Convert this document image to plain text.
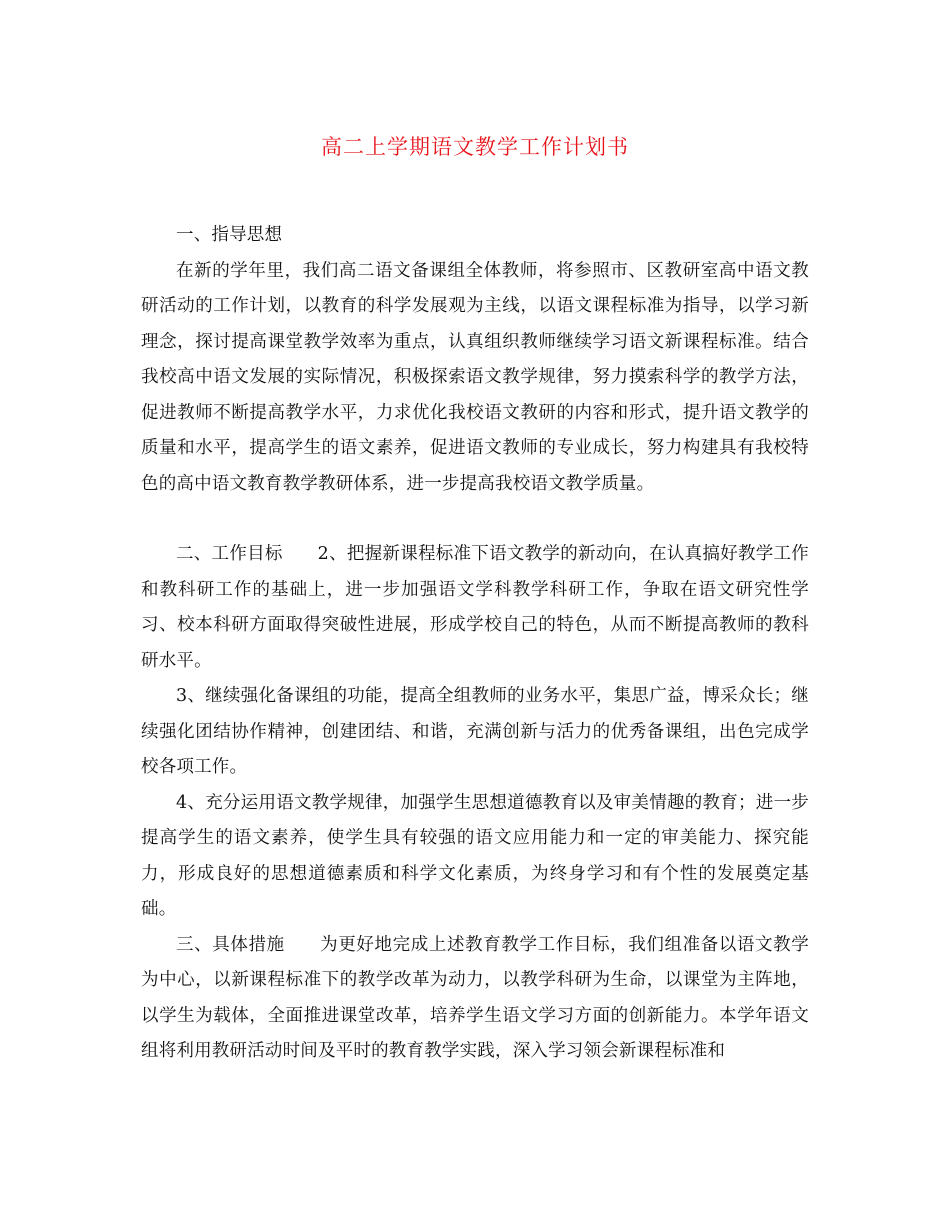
高二上学期语文教学工作计划书

一、指导思想

在新的学年里，我们高二语文备课组全体教师，将参照市、区教研室高中语文教研活动的工作计划，以教育的科学发展观为主线，以语文课程标准为指导，以学习新理念，探讨提高课堂教学效率为重点，认真组织教师继续学习语文新课程标准。结合我校高中语文发展的实际情况，积极探索语文教学规律，努力摸索科学的教学方法，促进教师不断提高教学水平，力求优化我校语文教研的内容和形式，提升语文教学的质量和水平，提高学生的语文素养，促进语文教师的专业成长，努力构建具有我校特色的高中语文教育教学教研体系，进一步提高我校语文教学质量。

二、工作目标 2、把握新课程标准下语文教学的新动向，在认真搞好教学工作和教科研工作的基础上，进一步加强语文学科教学科研工作，争取在语文研究性学习、校本科研方面取得突破性进展，形成学校自己的特色，从而不断提高教师的教科研水平。

3、继续强化备课组的功能，提高全组教师的业务水平，集思广益，博采众长；继续强化团结协作精神，创建团结、和谐，充满创新与活力的优秀备课组，出色完成学校各项工作。

4、充分运用语文教学规律，加强学生思想道德教育以及审美情趣的教育；进一步提高学生的语文素养，使学生具有较强的语文应用能力和一定的审美能力、探究能力，形成良好的思想道德素质和科学文化素质，为终身学习和有个性的发展奠定基础。

三、具体措施 为更好地完成上述教育教学工作目标，我们组准备以语文教学为中心，以新课程标准下的教学改革为动力，以教学科研为生命，以课堂为主阵地，以学生为载体，全面推进课堂改革，培养学生语文学习方面的创新能力。本学年语文组将利用教研活动时间及平时的教育教学实践，深入学习领会新课程标准和
